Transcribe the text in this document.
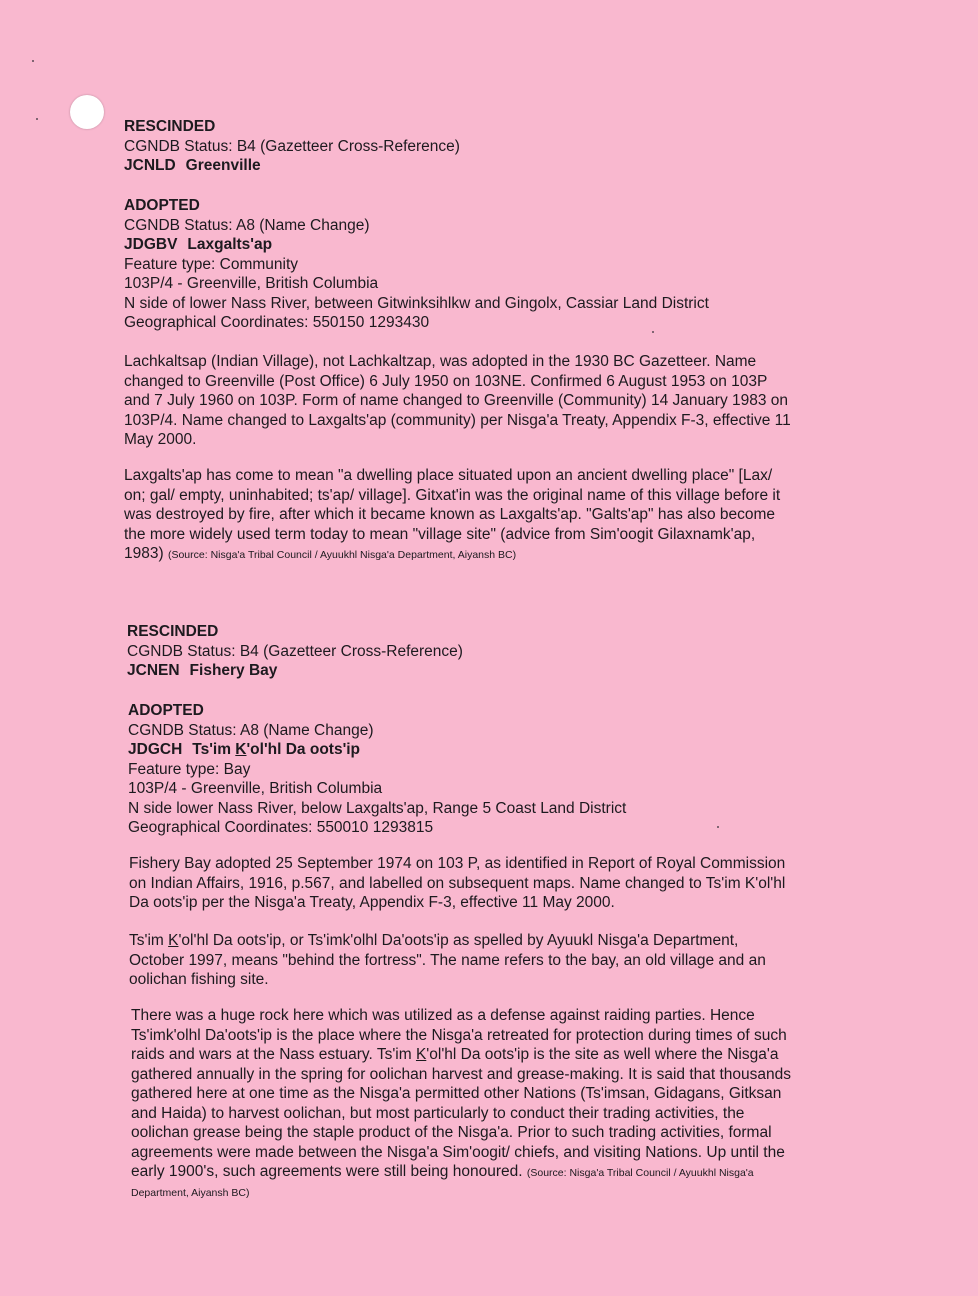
RESCINDED
CGNDB Status: B4 (Gazetteer Cross-Reference)
JCNLD Greenville
ADOPTED
CGNDB Status: A8 (Name Change)
JDGBV Laxgalts'ap
Feature type: Community
103P/4 - Greenville, British Columbia
N side of lower Nass River, between Gitwinksihlkw and Gingolx, Cassiar Land District
Geographical Coordinates: 550150 1293430
Lachkaltsap (Indian Village), not Lachkaltzap, was adopted in the 1930 BC Gazetteer. Name
changed to Greenville (Post Office) 6 July 1950 on 103NE. Confirmed 6 August 1953 on 103P
and 7 July 1960 on 103P. Form of name changed to Greenville (Community) 14 January 1983 on
103P/4. Name changed to Laxgalts'ap (community) per Nisga'a Treaty, Appendix F-3, effective 11
May 2000.
Laxgalts'ap has come to mean "a dwelling place situated upon an ancient dwelling place" [Lax/
on; gal/ empty, uninhabited; ts'ap/ village]. Gitxat'in was the original name of this village before it
was destroyed by fire, after which it became known as Laxgalts'ap. "Galts'ap" has also become
the more widely used term today to mean "village site" (advice from Sim'oogit Gilaxnamk'ap,
1983) (Source: Nisga'a Tribal Council / Ayuukhl Nisga'a Department, Aiyansh BC)
RESCINDED
CGNDB Status: B4 (Gazetteer Cross-Reference)
JCNEN Fishery Bay
ADOPTED
CGNDB Status: A8 (Name Change)
JDGCH Ts'im K'ol'hl Da oots'ip
Feature type: Bay
103P/4 - Greenville, British Columbia
N side lower Nass River, below Laxgalts'ap, Range 5 Coast Land District
Geographical Coordinates: 550010 1293815
Fishery Bay adopted 25 September 1974 on 103 P, as identified in Report of Royal Commission
on Indian Affairs, 1916, p.567, and labelled on subsequent maps. Name changed to Ts'im K'ol'hl
Da oots'ip per the Nisga'a Treaty, Appendix F-3, effective 11 May 2000.
Ts'im K'ol'hl Da oots'ip, or Ts'imk'olhl Da'oots'ip as spelled by Ayuukl Nisga'a Department,
October 1997, means "behind the fortress". The name refers to the bay, an old village and an
oolichan fishing site.
There was a huge rock here which was utilized as a defense against raiding parties. Hence
Ts'imk'olhl Da'oots'ip is the place where the Nisga'a retreated for protection during times of such
raids and wars at the Nass estuary. Ts'im K'ol'hl Da oots'ip is the site as well where the Nisga'a
gathered annually in the spring for oolichan harvest and grease-making. It is said that thousands
gathered here at one time as the Nisga'a permitted other Nations (Ts'imsan, Gidagans, Gitksan
and Haida) to harvest oolichan, but most particularly to conduct their trading activities, the
oolichan grease being the staple product of the Nisga'a. Prior to such trading activities, formal
agreements were made between the Nisga'a Sim'oogit/ chiefs, and visiting Nations. Up until the
early 1900's, such agreements were still being honoured. (Source: Nisga'a Tribal Council / Ayuukhl Nisga'a
Department, Aiyansh BC)
